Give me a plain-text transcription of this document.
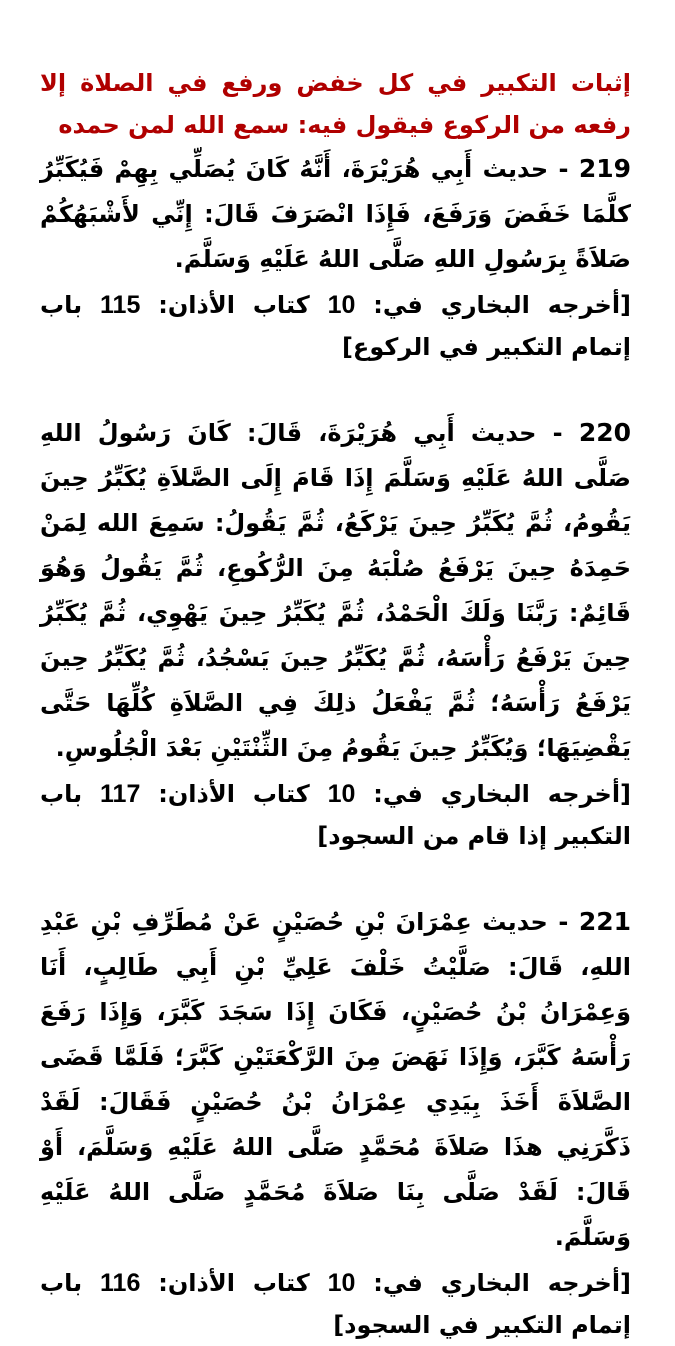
إثبات التكبير في كل خفض ورفع في الصلاة إلا رفعه من الركوع فيقول فيه: سمع الله لمن حمده

219 - حديث أَبِي هُرَيْرَةَ، أَنَّهُ كَانَ يُصَلِّي بِهِمْ فَيُكَبِّرُ كلَّمَا خَفَضَ وَرَفَعَ، فَإِذَا انْصَرَفَ قَالَ: إِنِّي لأَشْبَهُكُمْ صَلاَةً بِرَسُولِ اللهِ صَلَّى اللهُ عَلَيْهِ وَسَلَّمَ.

[أخرجه البخاري في: 10 كتاب الأذان: 115 باب إتمام التكبير في الركوع]

220 - حديث أَبِي هُرَيْرَةَ، قَالَ: كَانَ رَسُولُ اللهِ صَلَّى اللهُ عَلَيْهِ وَسَلَّمَ إِذَا قَامَ إِلَى الصَّلاَةِ يُكَبِّرُ حِينَ يَقُومُ، ثُمَّ يُكَبِّرُ حِينَ يَرْكَعُ، ثُمَّ يَقُولُ: سَمِعَ الله لِمَنْ حَمِدَهُ حِينَ يَرْفَعُ صُلْبَهُ مِنَ الرُّكُوعِ، ثُمَّ يَقُولُ وَهُوَ قَائِمٌ: رَبَّنَا وَلَكَ الْحَمْدُ، ثُمَّ يُكَبِّرُ حِينَ يَهْوِي، ثُمَّ يُكَبِّرُ حِينَ يَرْفَعُ رَأْسَهُ، ثُمَّ يُكَبِّرُ حِينَ يَسْجُدُ، ثُمَّ يُكَبِّرُ حِينَ يَرْفَعُ رَأْسَهُ؛ ثُمَّ يَفْعَلُ ذلِكَ فِي الصَّلاَةِ كُلِّهَا حَتَّى يَقْضِيَهَا؛ وَيُكَبِّرُ حِينَ يَقُومُ مِنَ الثِّنْتَيْنِ بَعْدَ الْجُلُوسِ.

[أخرجه البخاري في: 10 كتاب الأذان: 117 باب التكبير إذا قام من السجود]

221 - حديث عِمْرَانَ بْنِ حُصَيْنٍ عَنْ مُطَرِّفِ بْنِ عَبْدِ اللهِ، قَالَ: صَلَّيْتُ خَلْفَ عَلِيِّ بْنِ أَبِي طَالِبٍ، أَنَا وَعِمْرَانُ بْنُ حُصَيْنٍ، فَكَانَ إِذَا سَجَدَ كَبَّرَ، وَإِذَا رَفَعَ رَأْسَهُ كَبَّرَ، وَإِذَا نَهَضَ مِنَ الرَّكْعَتَيْنِ كَبَّرَ؛ فَلَمَّا قَضَى الصَّلاَةَ أَخَذَ بِيَدِي عِمْرَانُ بْنُ حُصَيْنٍ فَقَالَ: لَقَدْ ذَكَّرَنِي هذَا صَلاَةَ مُحَمَّدٍ صَلَّى اللهُ عَلَيْهِ وَسَلَّمَ، أَوْ قَالَ: لَقَدْ صَلَّى بِنَا صَلاَةَ مُحَمَّدٍ صَلَّى اللهُ عَلَيْهِ وَسَلَّمَ.

[أخرجه البخاري في: 10 كتاب الأذان: 116 باب إتمام التكبير في السجود]
